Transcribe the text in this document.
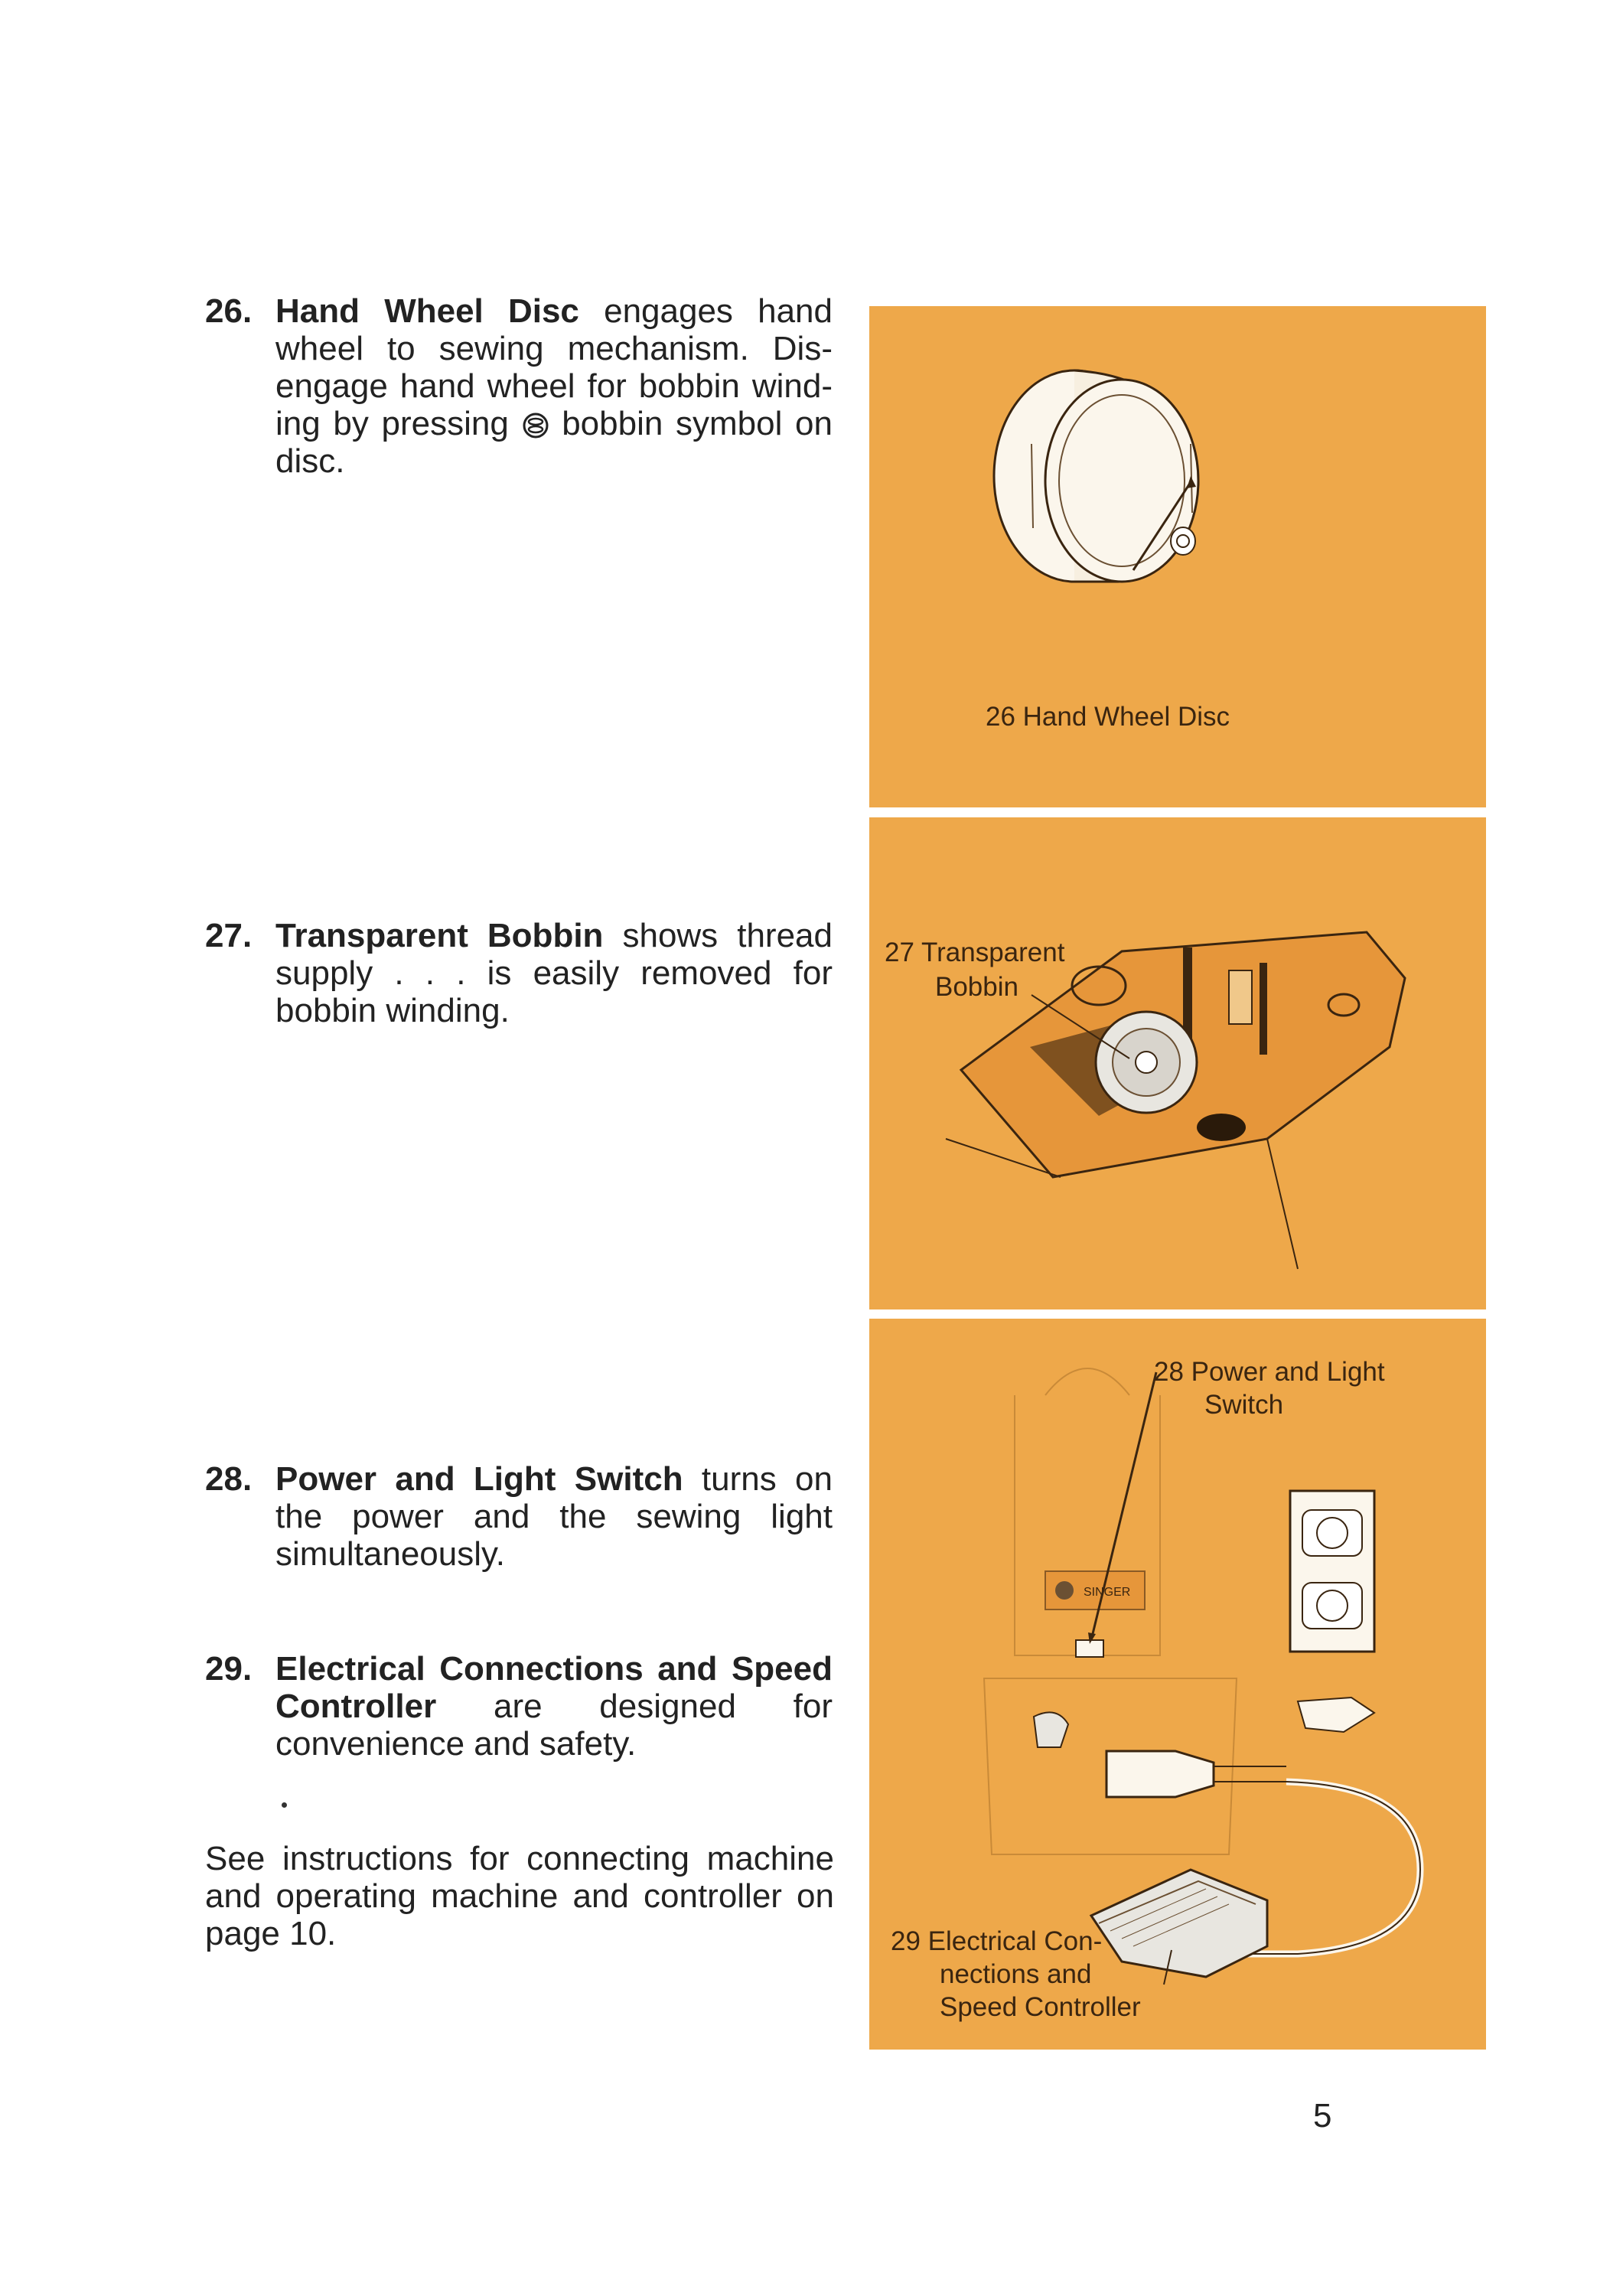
26. Hand Wheel Disc engages hand wheel to sewing mechanism. Dis-engage hand wheel for bobbin wind-ing by pressing  bobbin symbol on disc.
27. Transparent Bobbin shows thread supply . . . is easily removed for bobbin winding.
28. Power and Light Switch turns on the power and the sewing light simultaneously.
29. Electrical Connections and Speed Controller are designed for convenience and safety.
See instructions for connecting machine and operating machine and controller on page 10.
26 Hand Wheel Disc
27 Transparent
Bobbin
SINGER
28 Power and Light
Switch
29 Electrical Con-
nections and
Speed Controller
5
